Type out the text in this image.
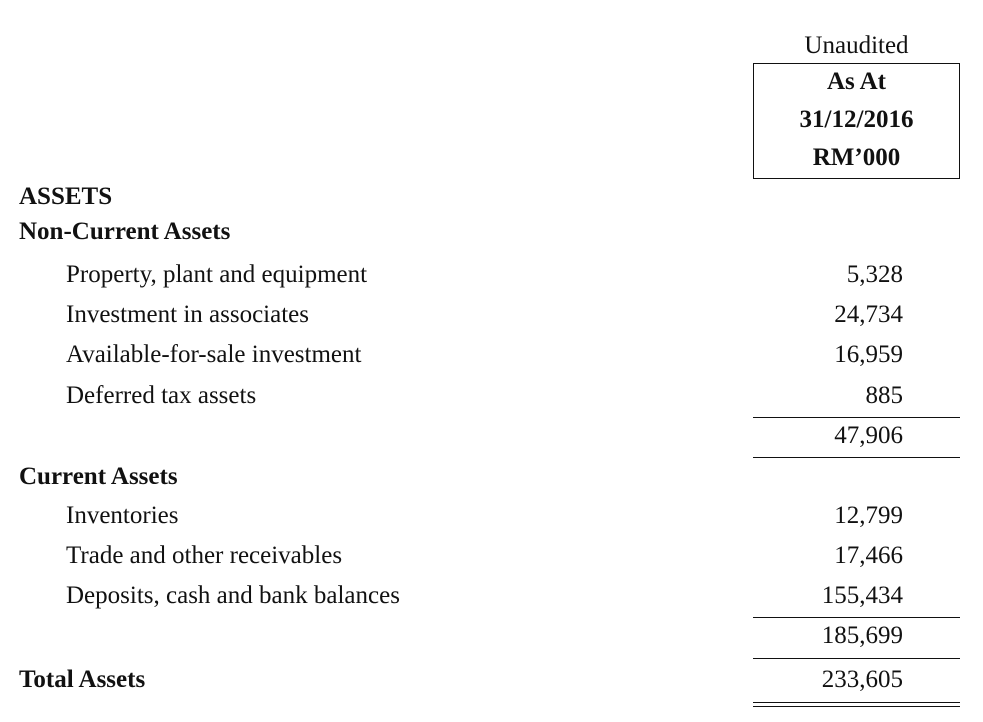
Unaudited
As At
31/12/2016
RM’000
ASSETS
Non-Current Assets
Property, plant and equipment	5,328
Investment in associates	24,734
Available-for-sale investment	16,959
Deferred tax assets	885
47,906
Current Assets
Inventories	12,799
Trade and other receivables	17,466
Deposits, cash and bank balances	155,434
185,699
Total Assets	233,605
